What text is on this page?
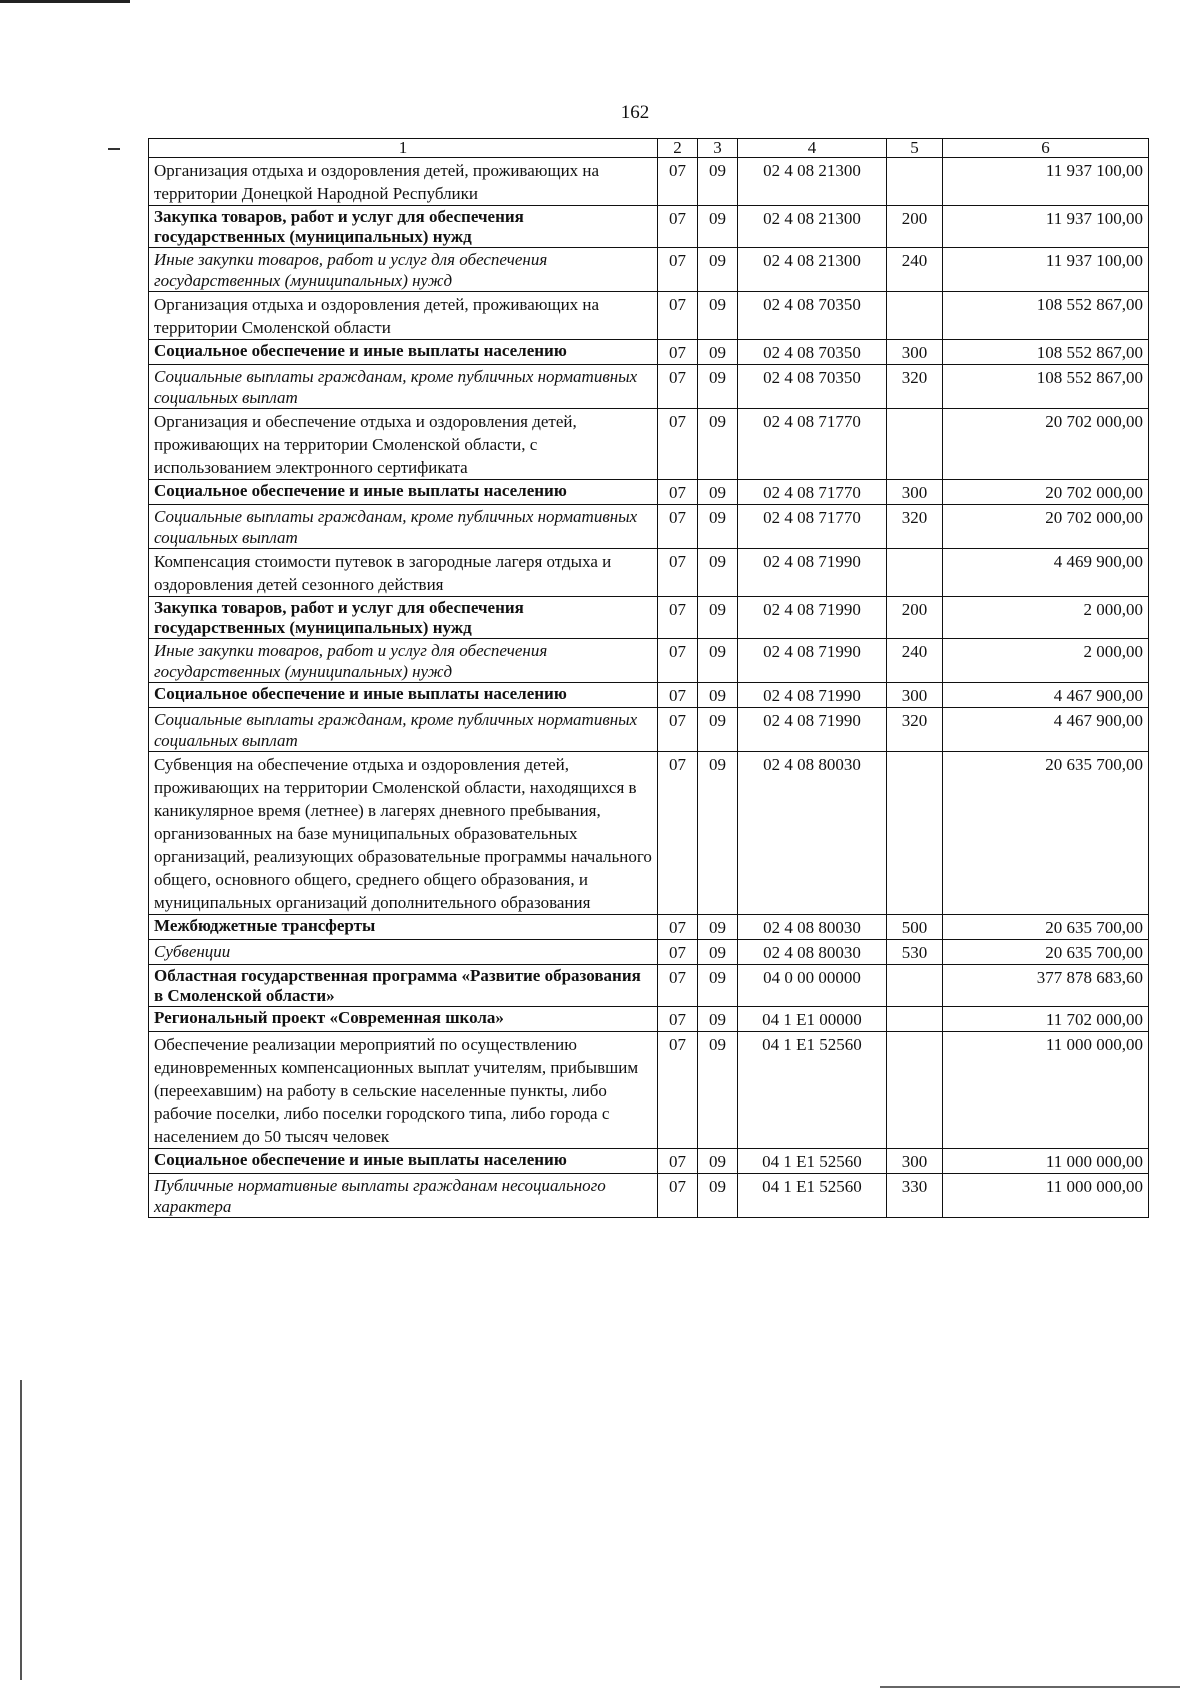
162
1	2	3	4	5	6
Организация отдыха и оздоровления детей, проживающих на территории Донецкой Народной Республики	07	09	02 4 08 21300		11 937 100,00
Закупка товаров, работ и услуг для обеспечения государственных (муниципальных) нужд	07	09	02 4 08 21300	200	11 937 100,00
Иные закупки товаров, работ и услуг для обеспечения государственных (муниципальных) нужд	07	09	02 4 08 21300	240	11 937 100,00
Организация отдыха и оздоровления детей, проживающих на территории Смоленской области	07	09	02 4 08 70350		108 552 867,00
Социальное обеспечение и иные выплаты населению	07	09	02 4 08 70350	300	108 552 867,00
Социальные выплаты гражданам, кроме публичных нормативных социальных выплат	07	09	02 4 08 70350	320	108 552 867,00
Организация и обеспечение отдыха и оздоровления детей, проживающих на территории Смоленской области, с использованием электронного сертификата	07	09	02 4 08 71770		20 702 000,00
Социальное обеспечение и иные выплаты населению	07	09	02 4 08 71770	300	20 702 000,00
Социальные выплаты гражданам, кроме публичных нормативных социальных выплат	07	09	02 4 08 71770	320	20 702 000,00
Компенсация стоимости путевок в загородные лагеря отдыха и оздоровления детей сезонного действия	07	09	02 4 08 71990		4 469 900,00
Закупка товаров, работ и услуг для обеспечения государственных (муниципальных) нужд	07	09	02 4 08 71990	200	2 000,00
Иные закупки товаров, работ и услуг для обеспечения государственных (муниципальных) нужд	07	09	02 4 08 71990	240	2 000,00
Социальное обеспечение и иные выплаты населению	07	09	02 4 08 71990	300	4 467 900,00
Социальные выплаты гражданам, кроме публичных нормативных социальных выплат	07	09	02 4 08 71990	320	4 467 900,00
Субвенция на обеспечение отдыха и оздоровления детей, проживающих на территории Смоленской области, находящихся в каникулярное время (летнее) в лагерях дневного пребывания, организованных на базе муниципальных образовательных организаций, реализующих образовательные программы начального общего, основного общего, среднего общего образования, и муниципальных организаций дополнительного образования	07	09	02 4 08 80030		20 635 700,00
Межбюджетные трансферты	07	09	02 4 08 80030	500	20 635 700,00
Субвенции	07	09	02 4 08 80030	530	20 635 700,00
Областная государственная программа «Развитие образования в Смоленской области»	07	09	04 0 00 00000		377 878 683,60
Региональный проект «Современная школа»	07	09	04 1 E1 00000		11 702 000,00
Обеспечение реализации мероприятий по осуществлению единовременных компенсационных выплат учителям, прибывшим (переехавшим) на работу в сельские населенные пункты, либо рабочие поселки, либо поселки городского типа, либо города с населением до 50 тысяч человек	07	09	04 1 E1 52560		11 000 000,00
Социальное обеспечение и иные выплаты населению	07	09	04 1 E1 52560	300	11 000 000,00
Публичные нормативные выплаты гражданам несоциального характера	07	09	04 1 E1 52560	330	11 000 000,00
